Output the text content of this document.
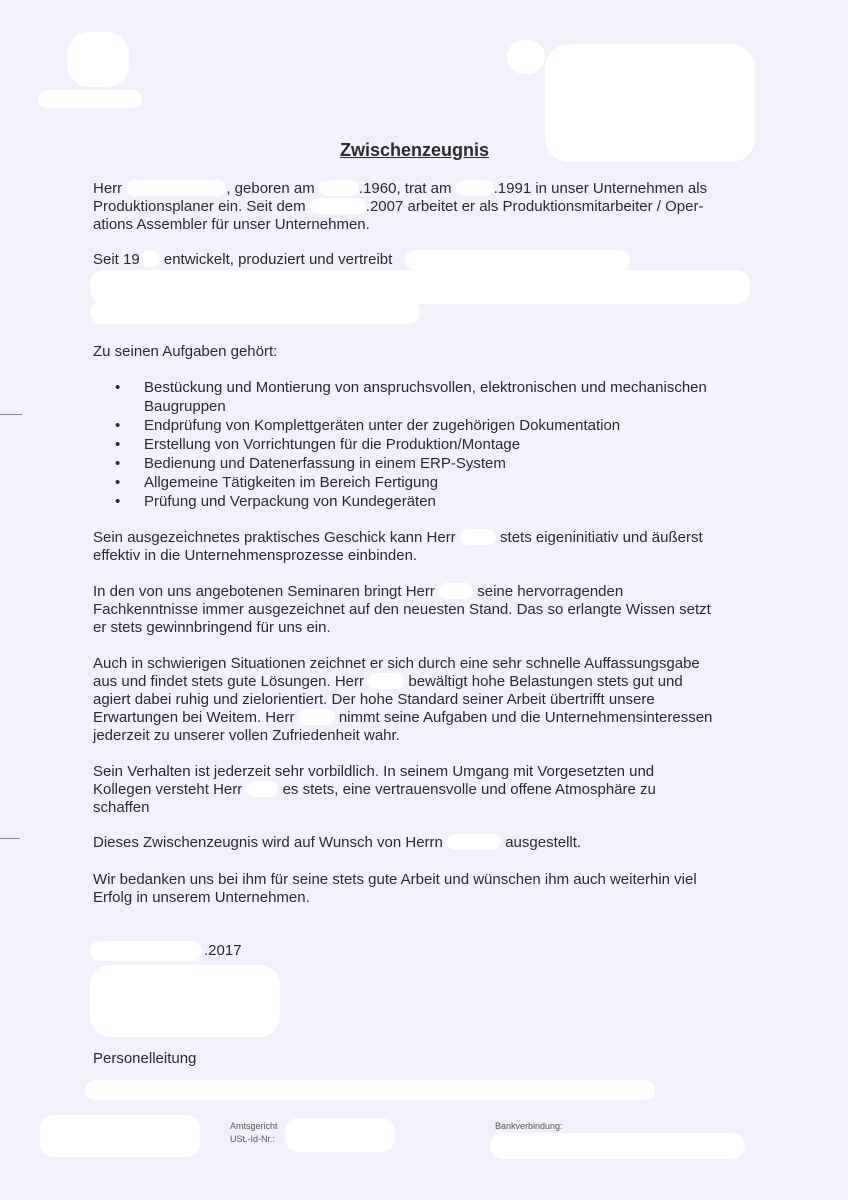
Zwischenzeugnis
Herr	, geboren am	.1960, trat am	.1991 in unser Unternehmen als
Produktionsplaner ein. Seit dem	.2007 arbeitet er als Produktionsmitarbeiter / Oper-
ations Assembler für unser Unternehmen.
Seit 19 entwickelt, produziert und vertreibt
Zu seinen Aufgaben gehört:
• Bestückung und Montierung von anspruchsvollen, elektronischen und mechanischen
Baugruppen
• Endprüfung von Komplettgeräten unter der zugehörigen Dokumentation
• Erstellung von Vorrichtungen für die Produktion/Montage
• Bedienung und Datenerfassung in einem ERP-System
• Allgemeine Tätigkeiten im Bereich Fertigung
• Prüfung und Verpackung von Kundegeräten
Sein ausgezeichnetes praktisches Geschick kann Herr	stets eigeninitiativ und äußerst
effektiv in die Unternehmensprozesse einbinden.
In den von uns angebotenen Seminaren bringt Herr	seine hervorragenden
Fachkenntnisse immer ausgezeichnet auf den neuesten Stand. Das so erlangte Wissen setzt
er stets gewinnbringend für uns ein.
Auch in schwierigen Situationen zeichnet er sich durch eine sehr schnelle Auffassungsgabe
aus und findet stets gute Lösungen. Herr	bewältigt hohe Belastungen stets gut und
agiert dabei ruhig und zielorientiert. Der hohe Standard seiner Arbeit übertrifft unsere
Erwartungen bei Weitem. Herr	nimmt seine Aufgaben und die Unternehmensinteressen
jederzeit zu unserer vollen Zufriedenheit wahr.
Sein Verhalten ist jederzeit sehr vorbildlich. In seinem Umgang mit Vorgesetzten und
Kollegen versteht Herr	es stets, eine vertrauensvolle und offene Atmosphäre zu
schaffen
Dieses Zwischenzeugnis wird auf Wunsch von Herrn	ausgestellt.
Wir bedanken uns bei ihm für seine stets gute Arbeit und wünschen ihm auch weiterhin viel
Erfolg in unserem Unternehmen.
.2017
Personelleitung
Amtsgericht
USt.-Id-Nr.:
Bankverbindung:
